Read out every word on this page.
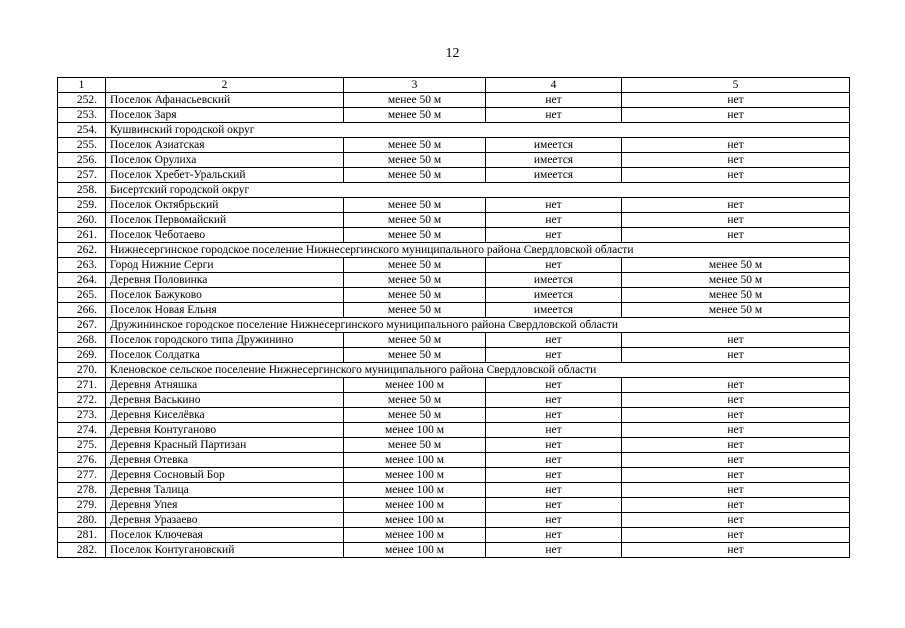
12
1	2	3	4	5
252.	Поселок Афанасьевский	менее 50 м	нет	нет
253.	Поселок Заря	менее 50 м	нет	нет
254.	Кушвинский городской округ			
255.	Поселок Азиатская	менее 50 м	имеется	нет
256.	Поселок Орулиха	менее 50 м	имеется	нет
257.	Поселок Хребет-Уральский	менее 50 м	имеется	нет
258.	Бисертский городской округ			
259.	Поселок Октябрьский	менее 50 м	нет	нет
260.	Поселок Первомайский	менее 50 м	нет	нет
261.	Поселок Чеботаево	менее 50 м	нет	нет
262.	Нижнесергинское городское поселение Нижнесергинского муниципального района Свердловской области			
263.	Город Нижние Серги	менее 50 м	нет	менее 50 м
264.	Деревня Половинка	менее 50 м	имеется	менее 50 м
265.	Поселок Бажуково	менее 50 м	имеется	менее 50 м
266.	Поселок Новая Ельня	менее 50 м	имеется	менее 50 м
267.	Дружининское городское поселение Нижнесергинского муниципального района Свердловской области			
268.	Поселок городского типа Дружинино	менее 50 м	нет	нет
269.	Поселок Солдатка	менее 50 м	нет	нет
270.	Кленовское сельское поселение Нижнесергинского муниципального района Свердловской области			
271.	Деревня Атняшка	менее 100 м	нет	нет
272.	Деревня Васькино	менее 50 м	нет	нет
273.	Деревня Киселёвка	менее 50 м	нет	нет
274.	Деревня Контуганово	менее 100 м	нет	нет
275.	Деревня Красный Партизан	менее 50 м	нет	нет
276.	Деревня Отевка	менее 100 м	нет	нет
277.	Деревня Сосновый Бор	менее 100 м	нет	нет
278.	Деревня Талица	менее 100 м	нет	нет
279.	Деревня Упея	менее 100 м	нет	нет
280.	Деревня Уразаево	менее 100 м	нет	нет
281.	Поселок Ключевая	менее 100 м	нет	нет
282.	Поселок Контугановский	менее 100 м	нет	нет
